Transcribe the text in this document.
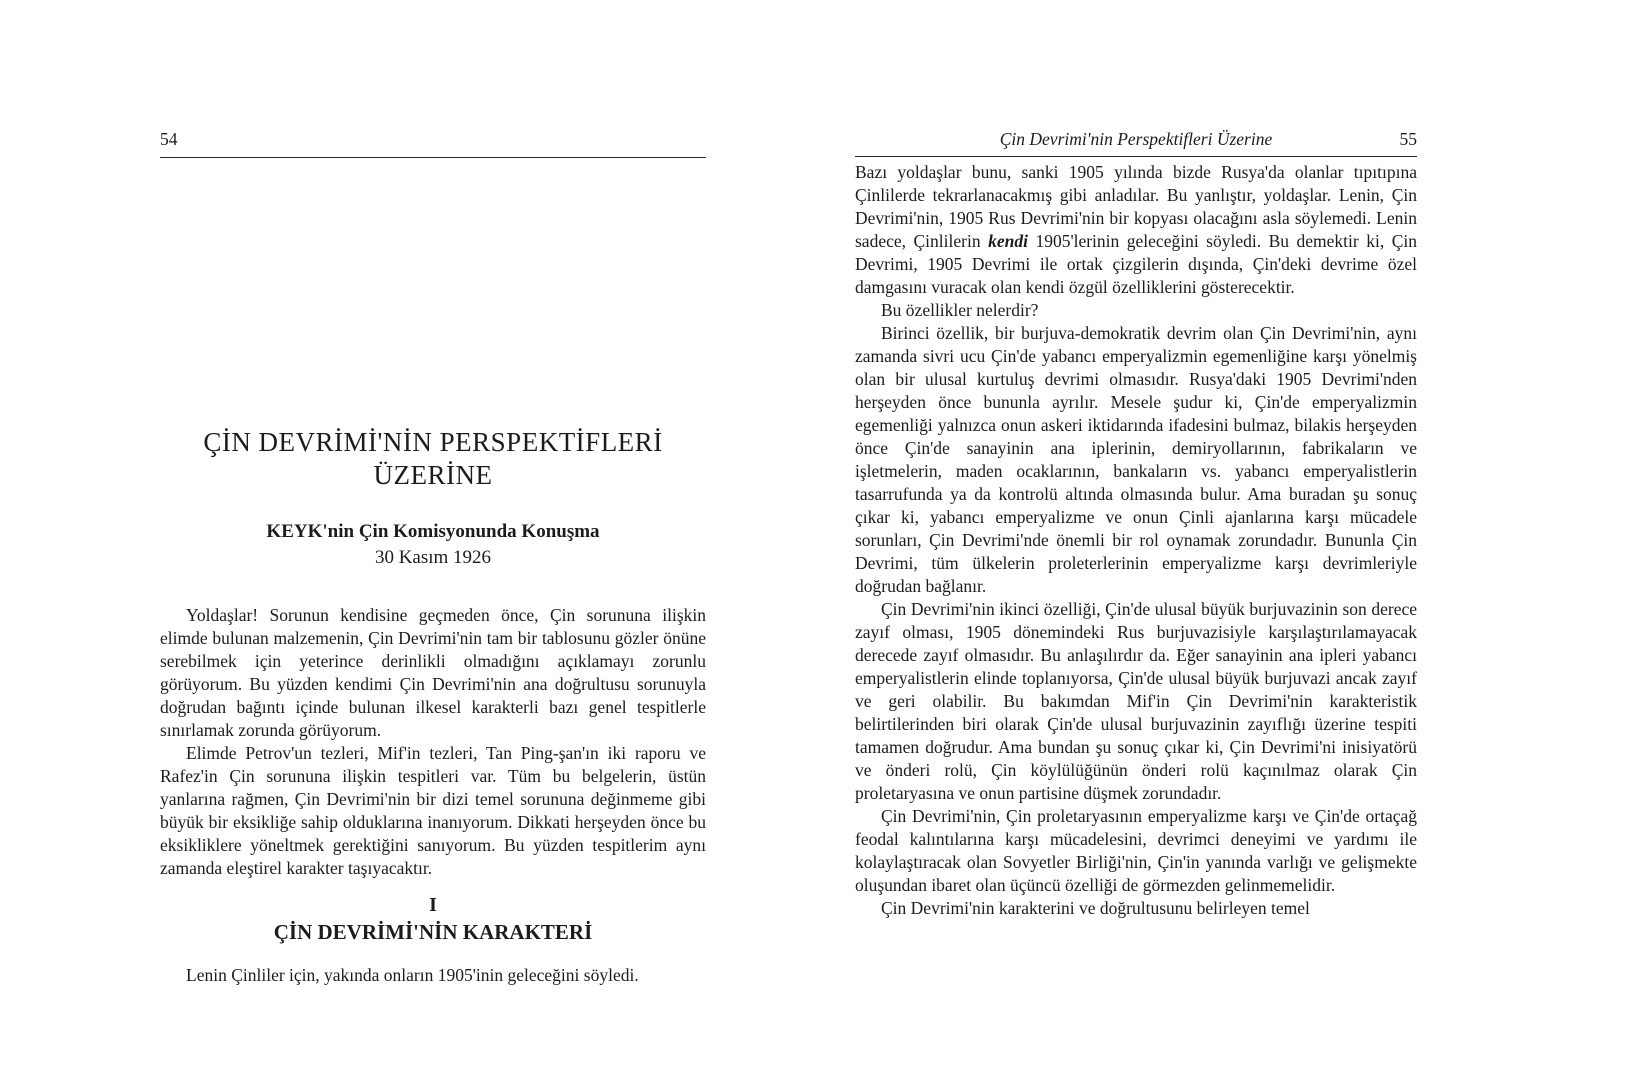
54
ÇİN DEVRİMİ'NİN PERSPEKTİFLERİ ÜZERİNE
KEYK'nin Çin Komisyonunda Konuşma
30 Kasım 1926

Yoldaşlar! Sorunun kendisine geçmeden önce, Çin sorununa ilişkin elimde bulunan malzemenin, Çin Devrimi'nin tam bir tablosunu gözler önüne serebilmek için yeterince derinlikli olmadığını açıklamayı zorunlu görüyorum. Bu yüzden kendimi Çin Devrimi'nin ana doğrultusu sorunuyla doğrudan bağıntı içinde bulunan ilkesel karakterli bazı genel tespitlerle sınırlamak zorunda görüyorum.

Elimde Petrov'un tezleri, Mif'in tezleri, Tan Ping-şan'ın iki raporu ve Rafez'in Çin sorununa ilişkin tespitleri var. Tüm bu belgelerin, üstün yanlarına rağmen, Çin Devrimi'nin bir dizi temel sorununa değinmeme gibi büyük bir eksikliğe sahip olduklarına inanıyorum. Dikkati herşeyden önce bu eksikliklere yöneltmek gerektiğini sanıyorum. Bu yüzden tespitlerim aynı zamanda eleştirel karakter taşıyacaktır.

I
ÇİN DEVRİMİ'NİN KARAKTERİ

Lenin Çinliler için, yakında onların 1905'inin geleceğini söyledi.

Çin Devrimi'nin Perspektifleri Üzerine	55

Bazı yoldaşlar bunu, sanki 1905 yılında bizde Rusya'da olanlar tıpıtıpına Çinlilerde tekrarlanacakmış gibi anladılar. Bu yanlıştır, yoldaşlar. Lenin, Çin Devrimi'nin, 1905 Rus Devrimi'nin bir kopyası olacağını asla söylemedi. Lenin sadece, Çinlilerin kendi 1905'lerinin geleceğini söyledi. Bu demektir ki, Çin Devrimi, 1905 Devrimi ile ortak çizgilerin dışında, Çin'deki devrime özel damgasını vuracak olan kendi özgül özelliklerini gösterecektir.

Bu özellikler nelerdir?

Birinci özellik, bir burjuva-demokratik devrim olan Çin Devrimi'nin, aynı zamanda sivri ucu Çin'de yabancı emperyalizmin egemenliğine karşı yönelmiş olan bir ulusal kurtuluş devrimi olmasıdır. Rusya'daki 1905 Devrimi'nden herşeyden önce bununla ayrılır. Mesele şudur ki, Çin'de emperyalizmin egemenliği yalnızca onun askeri iktidarında ifadesini bulmaz, bilakis herşeyden önce Çin'de sanayinin ana iplerinin, demiryollarının, fabrikaların ve işletmelerin, maden ocaklarının, bankaların vs. yabancı emperyalistlerin tasarrufunda ya da kontrolü altında olmasında bulur. Ama buradan şu sonuç çıkar ki, yabancı emperyalizme ve onun Çinli ajanlarına karşı mücadele sorunları, Çin Devrimi'nde önemli bir rol oynamak zorundadır. Bununla Çin Devrimi, tüm ülkelerin proleterlerinin emperyalizme karşı devrimleriyle doğrudan bağlanır.

Çin Devrimi'nin ikinci özelliği, Çin'de ulusal büyük burjuvazinin son derece zayıf olması, 1905 dönemindeki Rus burjuvazisiyle karşılaştırılamayacak derecede zayıf olmasıdır. Bu anlaşılırdır da. Eğer sanayinin ana ipleri yabancı emperyalistlerin elinde toplanıyorsa, Çin'de ulusal büyük burjuvazi ancak zayıf ve geri olabilir. Bu bakımdan Mif'in Çin Devrimi'nin karakteristik belirtilerinden biri olarak Çin'de ulusal burjuvazinin zayıflığı üzerine tespiti tamamen doğrudur. Ama bundan şu sonuç çıkar ki, Çin Devrimi'ni inisiyatörü ve önderi rolü, Çin köylülüğünün önderi rolü kaçınılmaz olarak Çin proletaryasına ve onun partisine düşmek zorundadır.

Çin Devrimi'nin, Çin proletaryasının emperyalizme karşı ve Çin'de ortaçağ feodal kalıntılarına karşı mücadelesini, devrimci deneyimi ve yardımı ile kolaylaştıracak olan Sovyetler Birliği'nin, Çin'in yanında varlığı ve gelişmekte oluşundan ibaret olan üçüncü özelliği de görmezden gelinmemelidir.

Çin Devrimi'nin karakterini ve doğrultusunu belirleyen temel
